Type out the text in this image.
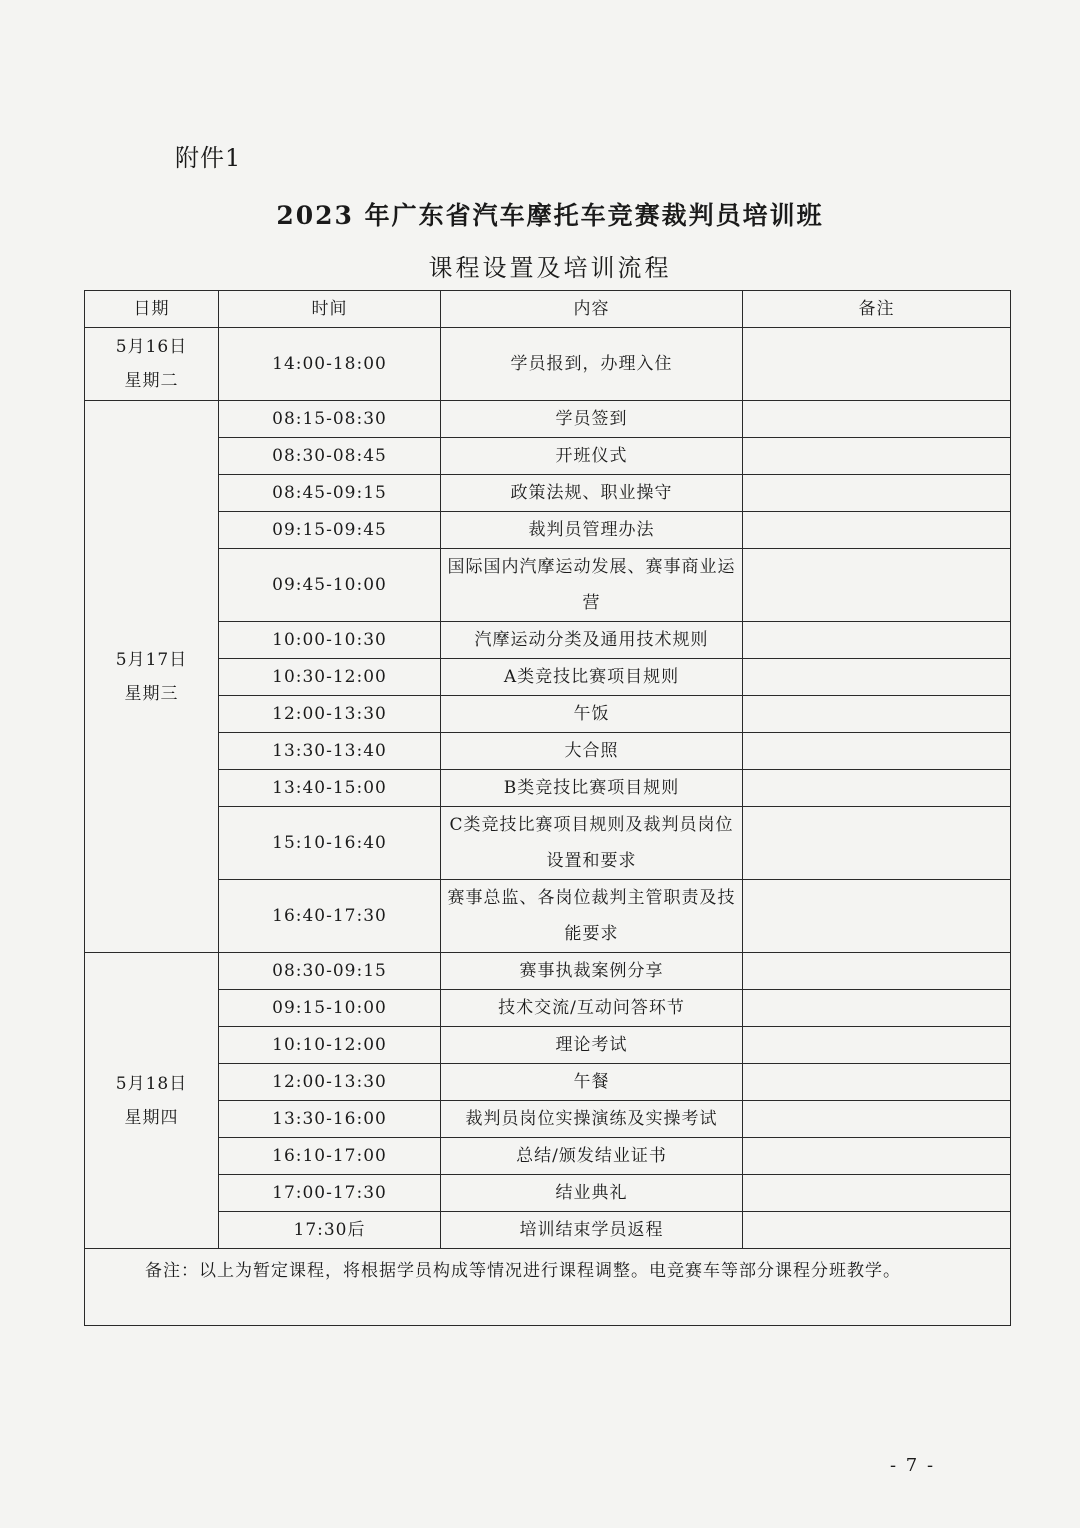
附件1
2023 年广东省汽车摩托车竞赛裁判员培训班
课程设置及培训流程
日期	时间	内容	备注

5月16日
星期二	14:00-18:00	学员报到，办理入住	

5月17日
星期三	08:15-08:30	学员签到	
	08:30-08:45	开班仪式	
	08:45-09:15	政策法规、职业操守	
	09:15-09:45	裁判员管理办法	
	09:45-10:00	国际国内汽摩运动发展、赛事商业运营	
	10:00-10:30	汽摩运动分类及通用技术规则	
	10:30-12:00	A类竞技比赛项目规则	
	12:00-13:30	午饭	
	13:30-13:40	大合照	
	13:40-15:00	B类竞技比赛项目规则	
	15:10-16:40	C类竞技比赛项目规则及裁判员岗位设置和要求	
	16:40-17:30	赛事总监、各岗位裁判主管职责及技能要求	

5月18日
星期四	08:30-09:15	赛事执裁案例分享	
	09:15-10:00	技术交流/互动问答环节	
	10:10-12:00	理论考试	
	12:00-13:30	午餐	
	13:30-16:00	裁判员岗位实操演练及实操考试	
	16:10-17:00	总结/颁发结业证书	
	17:00-17:30	结业典礼	
	17:30后	培训结束学员返程	
备注：以上为暂定课程，将根据学员构成等情况进行课程调整。电竞赛车等部分课程分班教学。			
- 7 -
